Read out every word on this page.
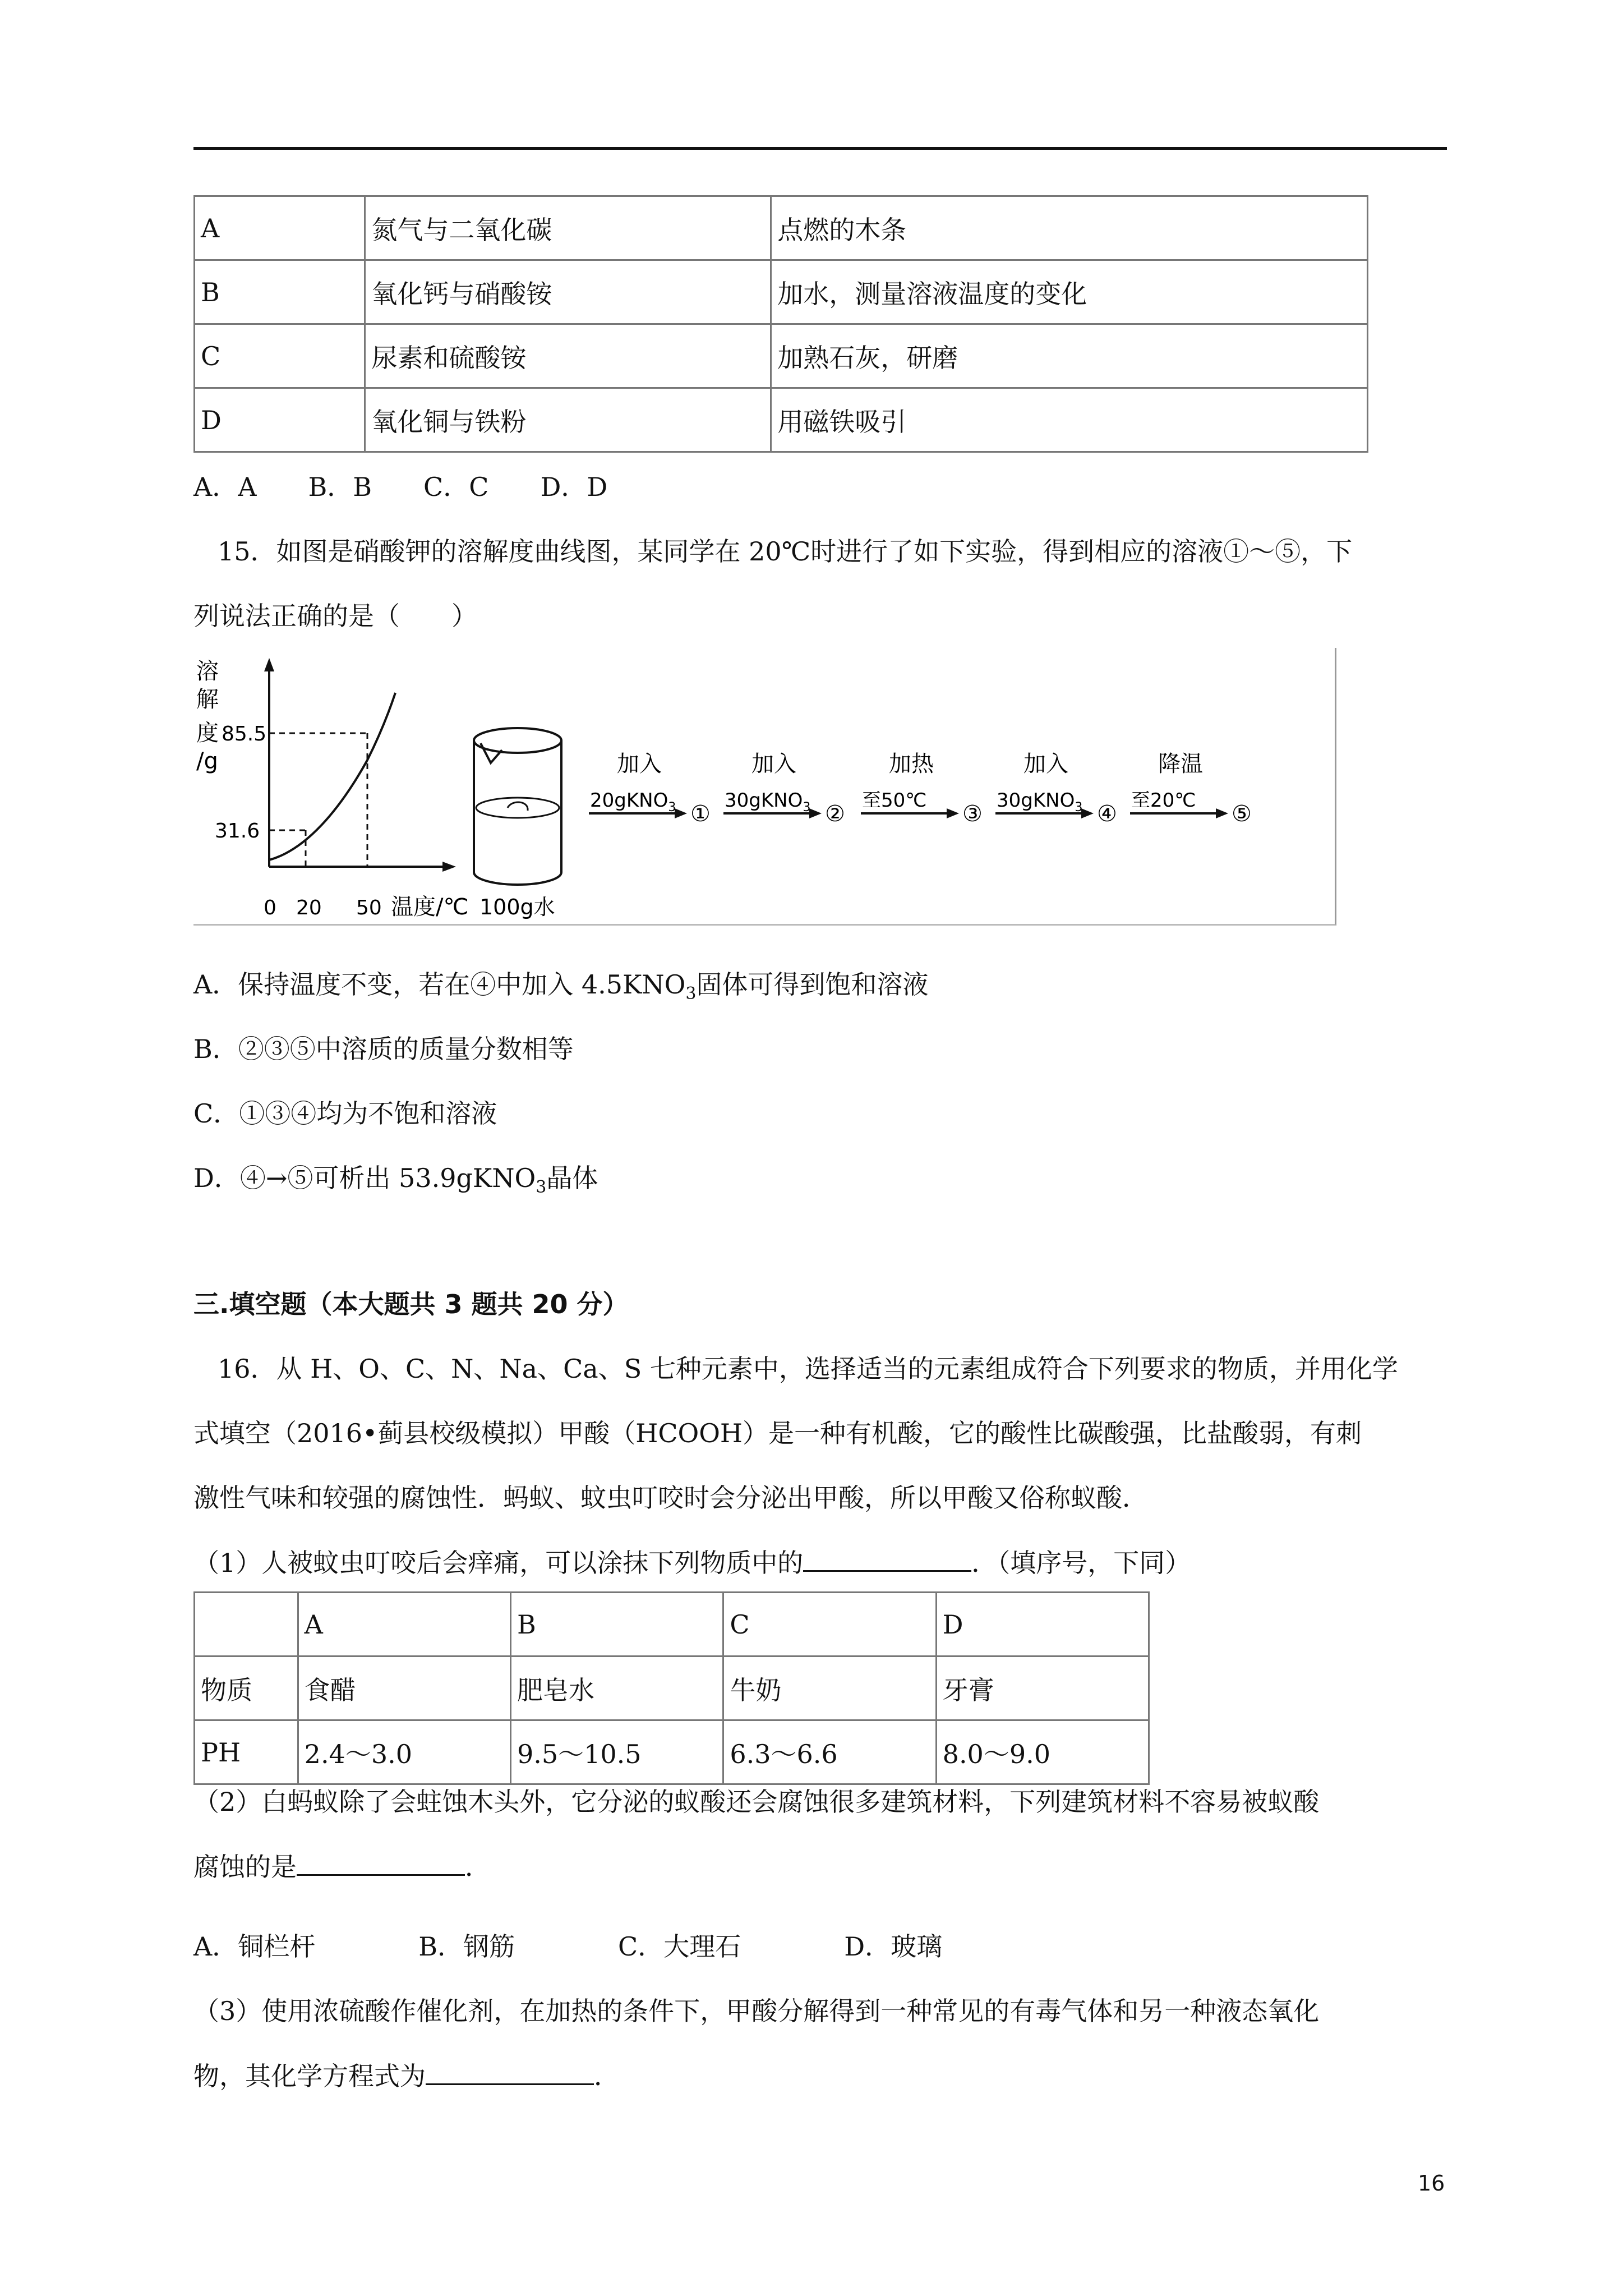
A	氮气与二氧化碳	点燃的木条
B	氧化钙与硝酸铵	加水，测量溶液温度的变化
C	尿素和硫酸铵	加熟石灰，研磨
D	氧化铜与铁粉	用磁铁吸引
A．A　　B．B　　C．C　　D．D
15．如图是硝酸钾的溶解度曲线图，某同学在 20℃时进行了如下实验，得到相应的溶液①～⑤，下
列说法正确的是（　　）
溶
解
度
/g
85.5
31.6
0 20 50 温度/℃ 100g水
加入
20gKNO$_3$ ①
加入
30gKNO$_3$ ②
加热
至50℃
③
加入
30gKNO$_3$ ④
降温
至20℃
⑤
A．保持温度不变，若在④中加入 $4.5KNO_3$固体可得到饱和溶液
B．②③⑤中溶质的质量分数相等
C．①③④均为不饱和溶液
D．④→⑤可析出 53.9gKNO$_3$晶体
三.填空题（本大题共 3 题共 20 分）
16．从 H、O、C、N、Na、Ca、S 七种元素中，选择适当的元素组成符合下列要求的物质，并用化学
式填空（2016•蓟县校级模拟）甲酸（HCOOH）是一种有机酸，它的酸性比碳酸强，比盐酸弱，有刺
激性气味和较强的腐蚀性．蚂蚁、蚊虫叮咬时会分泌出甲酸，所以甲酸又俗称蚁酸．
（1）人被蚊虫叮咬后会痒痛，可以涂抹下列物质中的	．（填序号，下同）
	A	B	C	D
物质	食醋	肥皂水	牛奶	牙膏
PH	2.4～3.0	9.5～10.5	6.3～6.6	8.0～9.0
（2）白蚂蚁除了会蛀蚀木头外，它分泌的蚁酸还会腐蚀很多建筑材料，下列建筑材料不容易被蚁酸
腐蚀的是	．
A．铜栏杆　　　　B．钢筋　　　　C．大理石　　　　D．玻璃
（3）使用浓硫酸作催化剂，在加热的条件下，甲酸分解得到一种常见的有毒气体和另一种液态氧化
物，其化学方程式为	．
16
